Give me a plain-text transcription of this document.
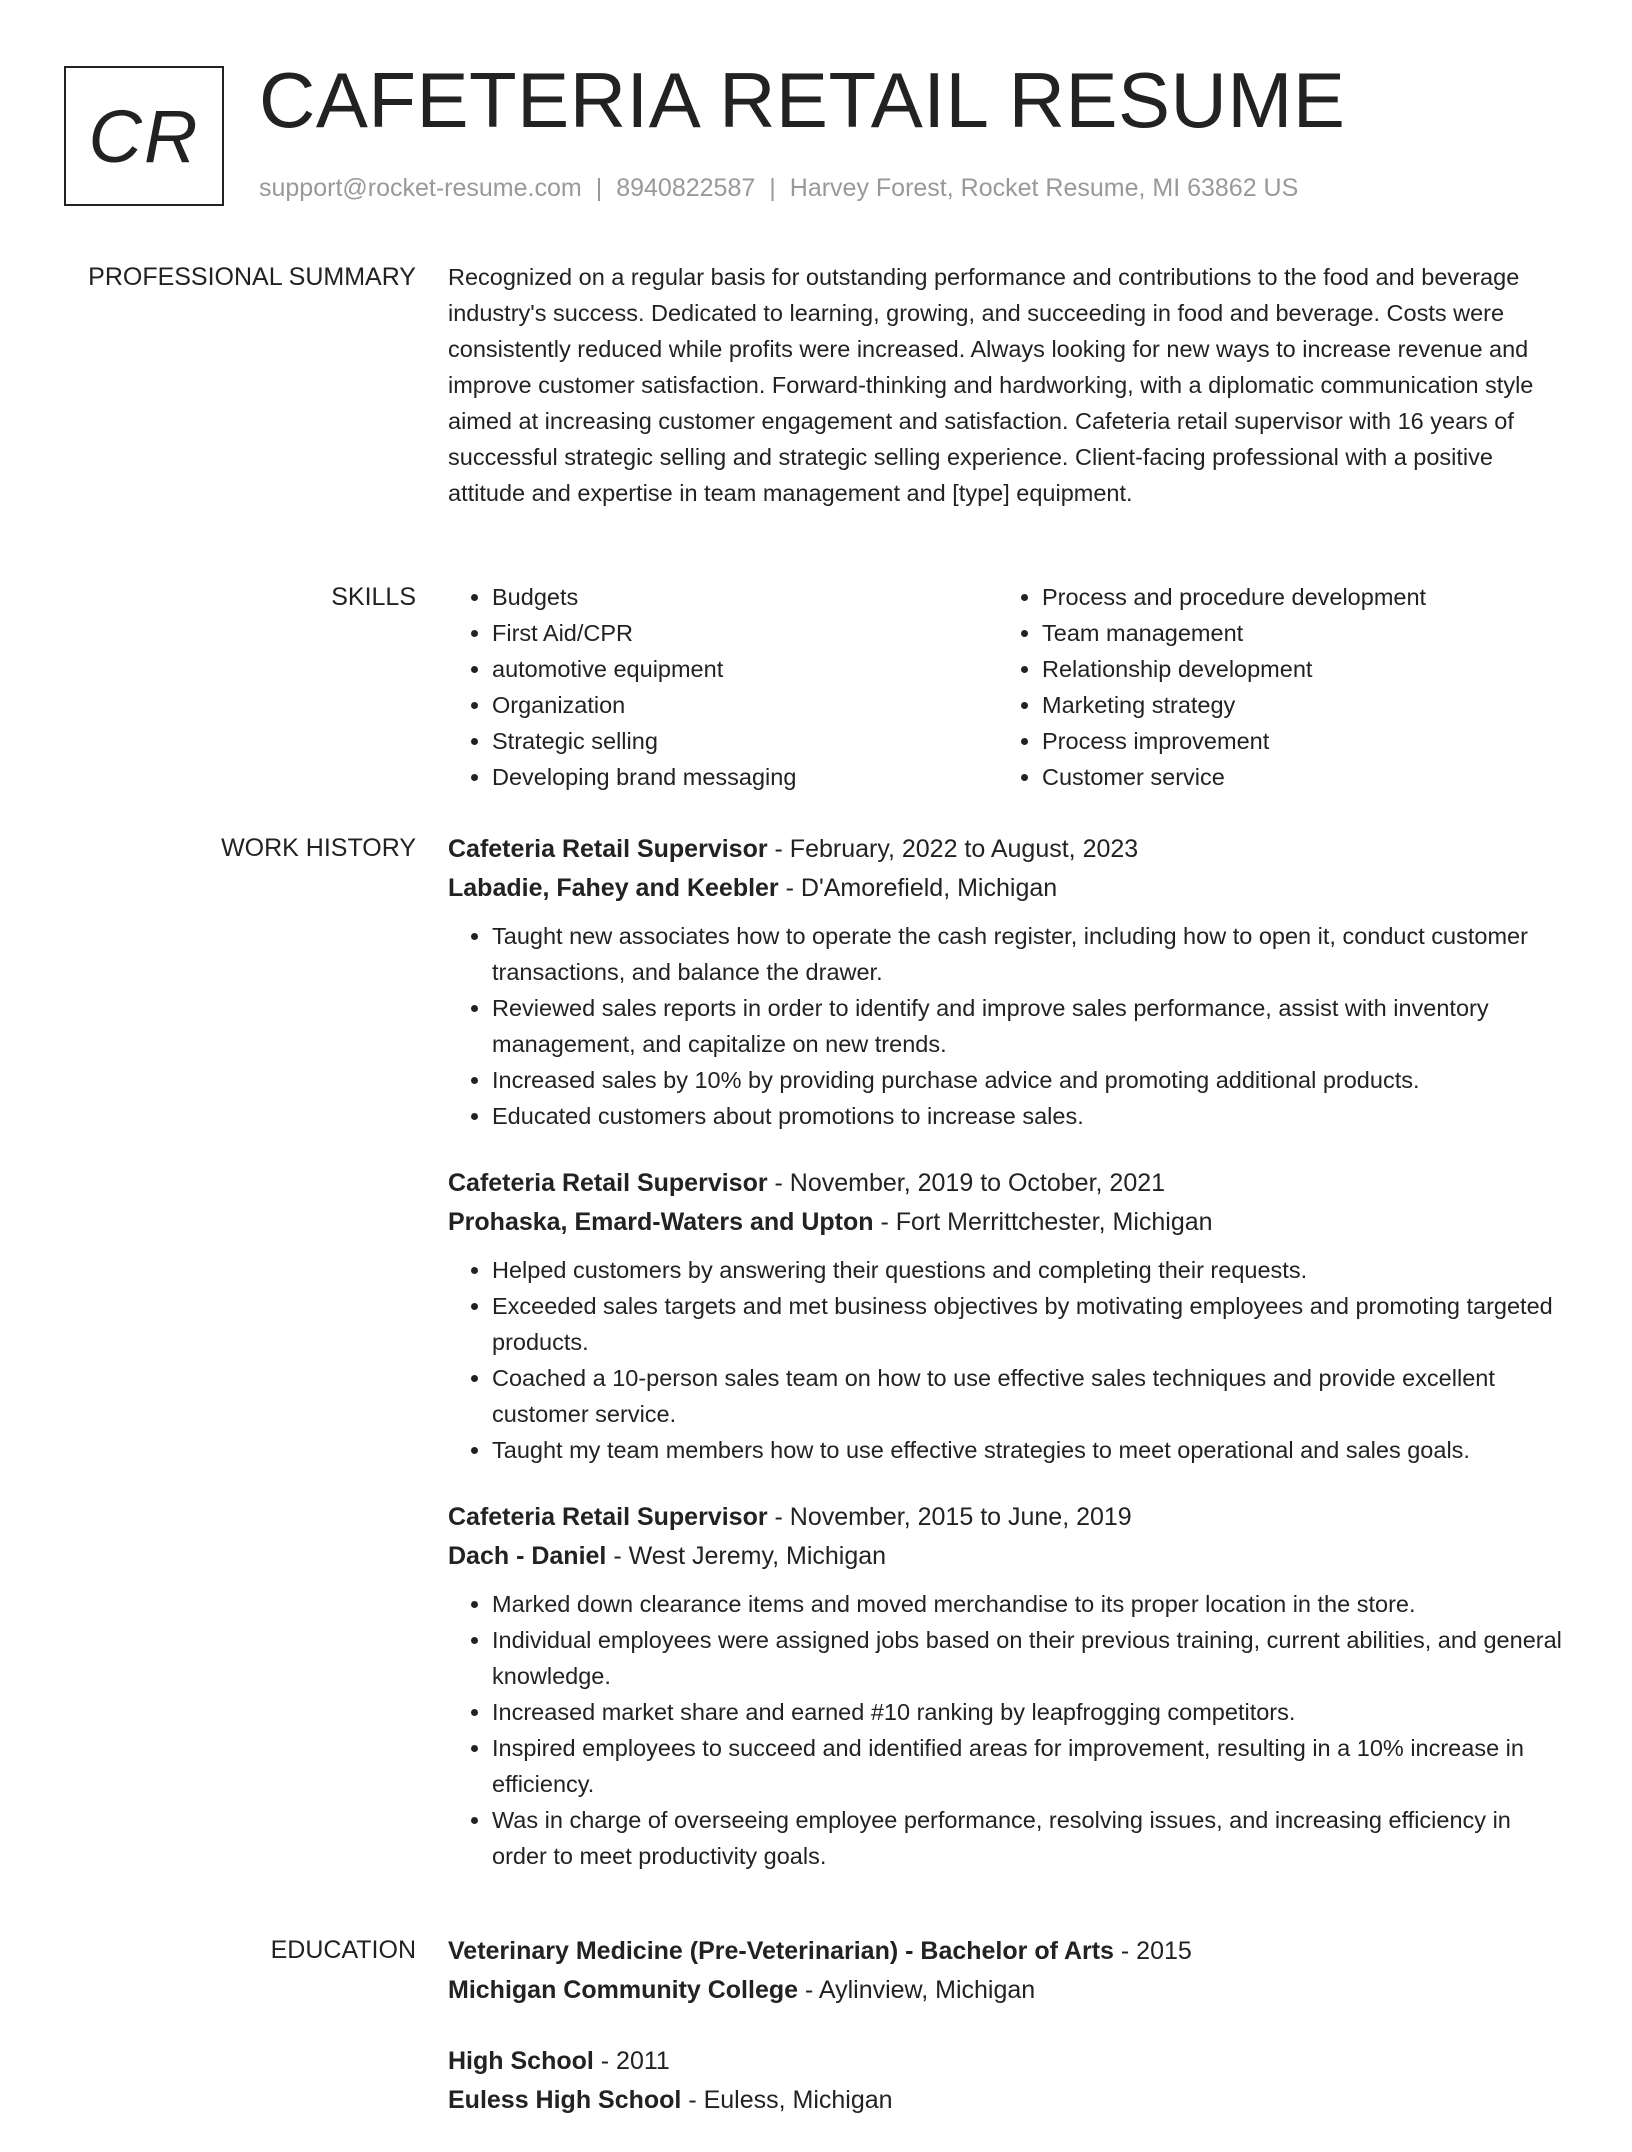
CR CAFETERIA RETAIL RESUME
support@rocket-resume.com | 8940822587 | Harvey Forest, Rocket Resume, MI 63862 US
PROFESSIONAL SUMMARY Recognized on a regular basis for outstanding performance and contributions to the food and beverage industry's success. Dedicated to learning, growing, and succeeding in food and beverage. Costs were consistently reduced while profits were increased. Always looking for new ways to increase revenue and improve customer satisfaction. Forward-thinking and hardworking, with a diplomatic communication style aimed at increasing customer engagement and satisfaction. Cafeteria retail supervisor with 16 years of successful strategic selling and strategic selling experience. Client-facing professional with a positive attitude and expertise in team management and [type] equipment.

SKILLS
•	Budgets
• First Aid/CPR
• automotive equipment
• Organization
• Strategic selling
• Developing brand messaging
• Process and procedure development
• Team management
• Relationship development
• Marketing strategy
• Process improvement
• Customer service
WORK HISTORY Cafeteria Retail Supervisor - February, 2022 to August, 2023
Labadie, Fahey and Keebler - D'Amorefield, Michigan
• Taught new associates how to operate the cash register, including how to open it, conduct customer transactions, and balance the drawer.
• Reviewed sales reports in order to identify and improve sales performance, assist with inventory management, and capitalize on new trends.
• Increased sales by 10% by providing purchase advice and promoting additional products.
• Educated customers about promotions to increase sales.
Cafeteria Retail Supervisor - November, 2019 to October, 2021
Prohaska, Emard-Waters and Upton - Fort Merrittchester, Michigan
• Helped customers by answering their questions and completing their requests.
• Exceeded sales targets and met business objectives by motivating employees and promoting targeted products.
• Coached a 10-person sales team on how to use effective sales techniques and provide excellent customer service.
• Taught my team members how to use effective strategies to meet operational and sales goals.
Cafeteria Retail Supervisor - November, 2015 to June, 2019
Dach - Daniel - West Jeremy, Michigan
• Marked down clearance items and moved merchandise to its proper location in the store.
• Individual employees were assigned jobs based on their previous training, current abilities, and general knowledge.
• Increased market share and earned #10 ranking by leapfrogging competitors.
• Inspired employees to succeed and identified areas for improvement, resulting in a 10% increase in efficiency.
• Was in charge of overseeing employee performance, resolving issues, and increasing efficiency in order to meet productivity goals.
EDUCATION Veterinary Medicine (Pre-Veterinarian) - Bachelor of Arts - 2015
Michigan Community College - Aylinview, Michigan
High School - 2011
Euless High School - Euless, Michigan
